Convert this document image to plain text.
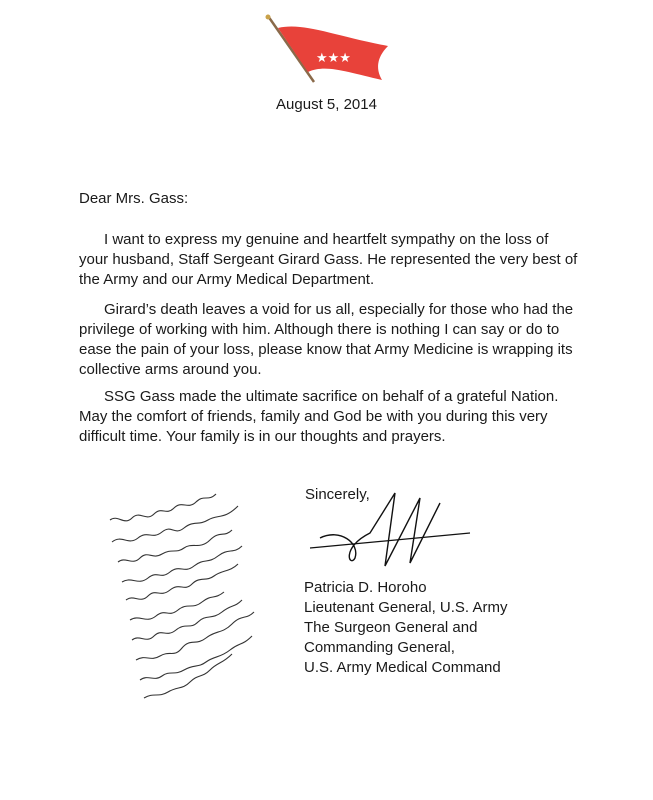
★★★
August 5, 2014
Dear Mrs. Gass:

I want to express my genuine and heartfelt sympathy on the loss of your husband, Staff Sergeant Girard Gass. He represented the very best of the Army and our Army Medical Department.

Girard’s death leaves a void for us all, especially for those who had the privilege of working with him. Although there is nothing I can say or do to ease the pain of your loss, please know that Army Medicine is wrapping its collective arms around you.

SSG Gass made the ultimate sacrifice on behalf of a grateful Nation. May the comfort of friends, family and God be with you during this very difficult time. Your family is in our thoughts and prayers.

Sincerely,
Patricia D. Horoho
Lieutenant General, U.S. Army
The Surgeon General and
Commanding General,
U.S. Army Medical Command
